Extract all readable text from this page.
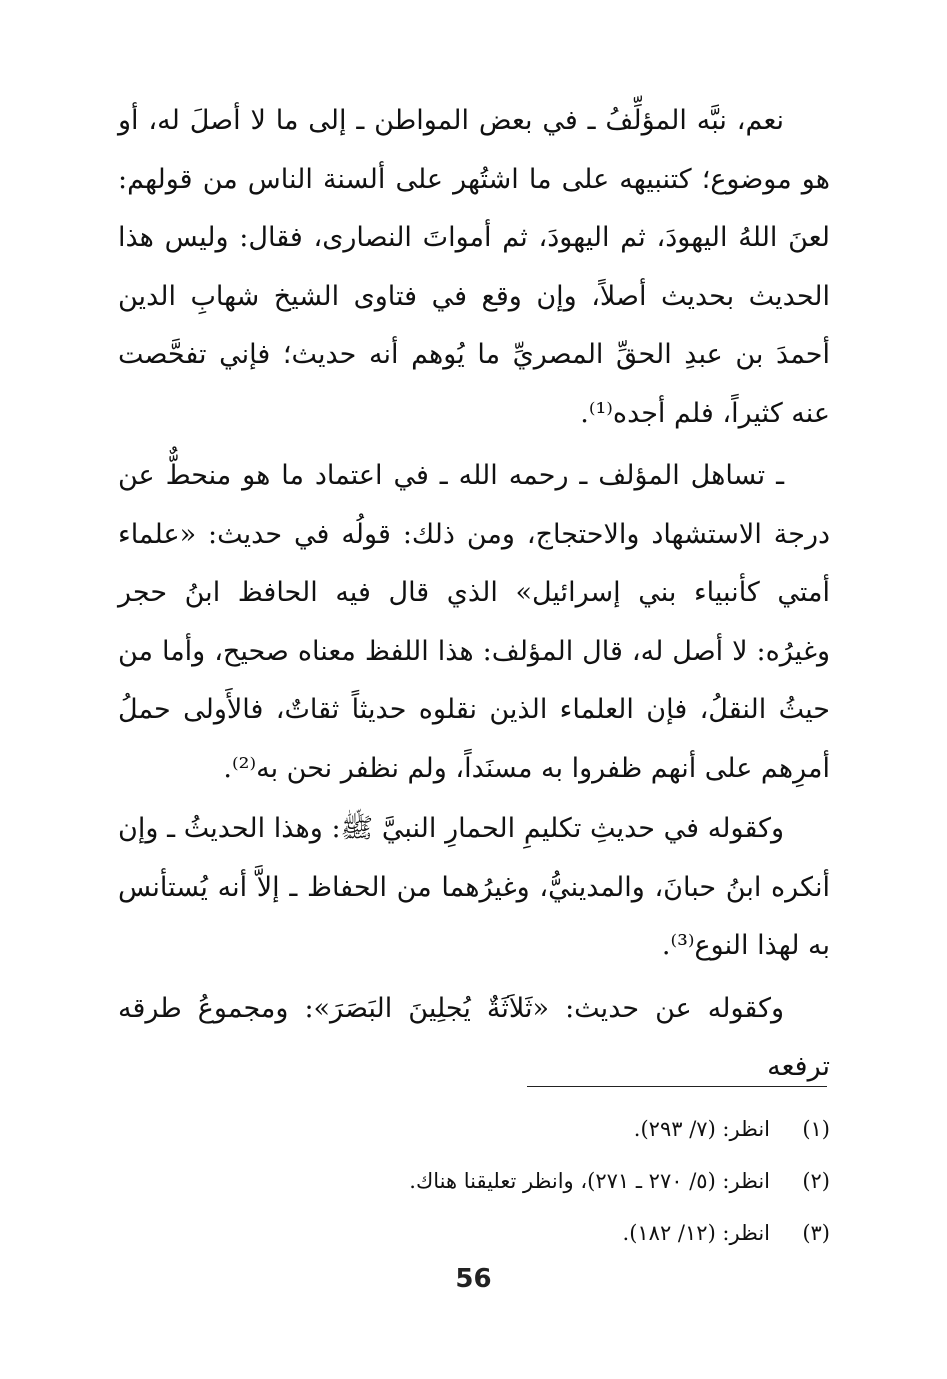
نعم، نبَّه المؤلِّفُ ـ في بعض المواطن ـ إلى ما لا أصلَ له، أو هو موضوع؛ كتنبيهه على ما اشتُهر على ألسنة الناس من قولهم: لعنَ اللهُ اليهودَ، ثم اليهودَ، ثم أمواتَ النصارى، فقال: وليس هذا الحديث بحديث أصلاً، وإن وقع في فتاوى الشيخ شهابِ الدين أحمدَ بن عبدِ الحقِّ المصريِّ ما يُوهم أنه حديث؛ فإني تفحَّصت عنه كثيراً، فلم أجده⁽¹⁾.

ـ تساهل المؤلف ـ رحمه الله ـ في اعتماد ما هو منحطٌّ عن درجة الاستشهاد والاحتجاج، ومن ذلك: قولُه في حديث: «علماء أمتي كأنبياء بني إسرائيل» الذي قال فيه الحافظ ابنُ حجر وغيرُه: لا أصل له، قال المؤلف: هذا اللفظ معناه صحيح، وأما من حيثُ النقلُ، فإن العلماء الذين نقلوه حديثاً ثقاتٌ، فالأَولى حملُ أمرِهم على أنهم ظفروا به مسنَداً، ولم نظفر نحن به⁽²⁾.

وكقوله في حديثِ تكليمِ الحمارِ النبيَّ ﷺ: وهذا الحديثُ ـ وإن أنكره ابنُ حبانَ، والمدينيُّ، وغيرُهما من الحفاظ ـ إلاَّ أنه يُستأنس به لهذا النوع⁽³⁾.

وكقوله عن حديث: «ثَلاَثَةٌ يُجلِينَ البَصَرَ»: ومجموعُ طرقه ترفعه

(١)انظر: (٧/ ٢٩٣).
(٢)انظر: (٥/ ٢٧٠ ـ ٢٧١)، وانظر تعليقنا هناك.
(٣)انظر: (١٢/ ١٨٢).
56
